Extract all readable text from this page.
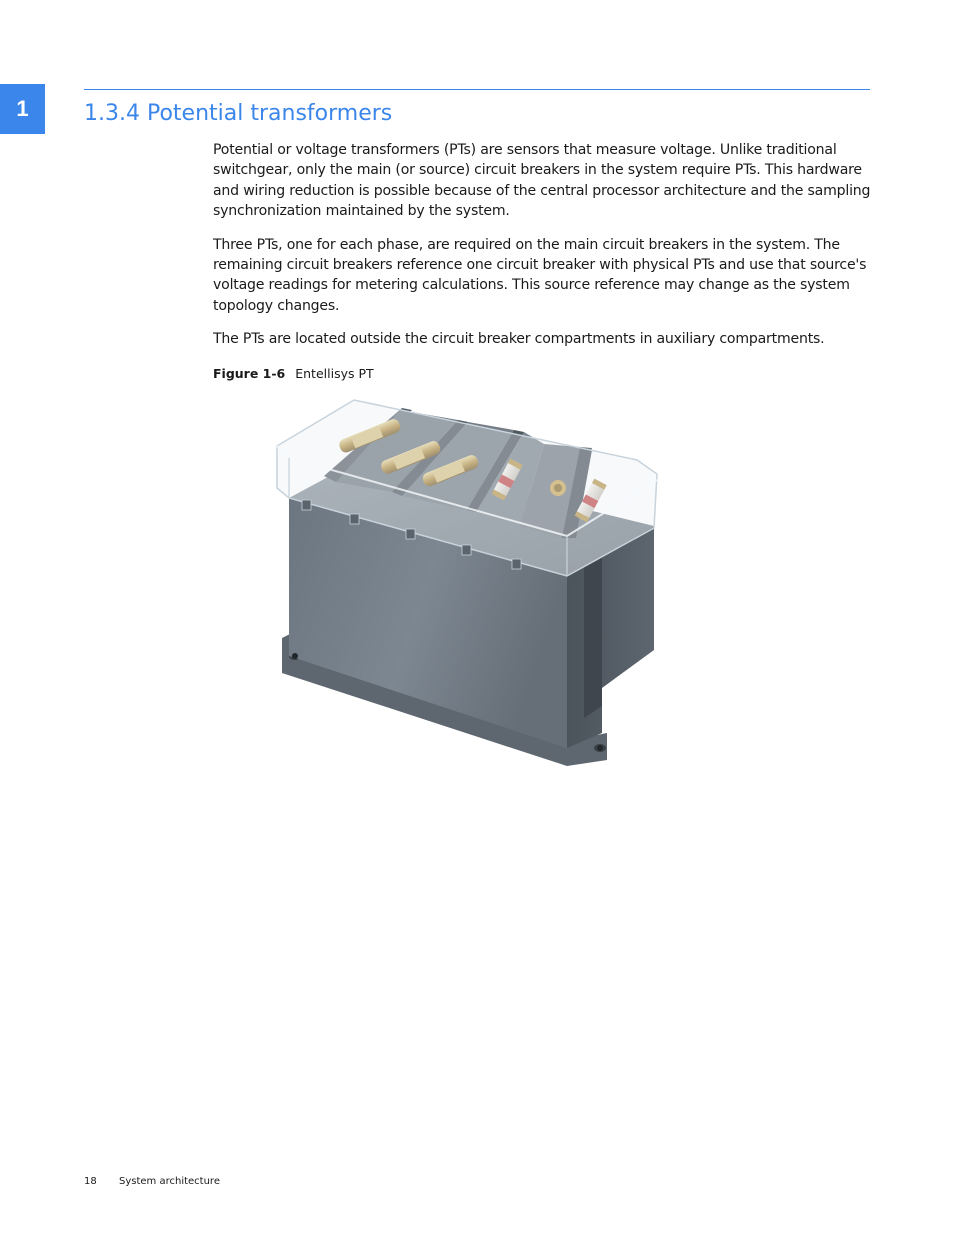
1	1.3.4 Potential transformers

Potential or voltage transformers (PTs) are sensors that measure voltage. Unlike traditional switchgear, only the main (or source) circuit breakers in the system require PTs. This hardware and wiring reduction is possible because of the central processor architecture and the sampling synchronization maintained by the system.

Three PTs, one for each phase, are required on the main circuit breakers in the system. The remaining circuit breakers reference one circuit breaker with physical PTs and use that source's voltage readings for metering calculations. This source reference may change as the system topology changes.

The PTs are located outside the circuit breaker compartments in auxiliary compartments.

Figure 1-6 Entellisys PT
18 System architecture
